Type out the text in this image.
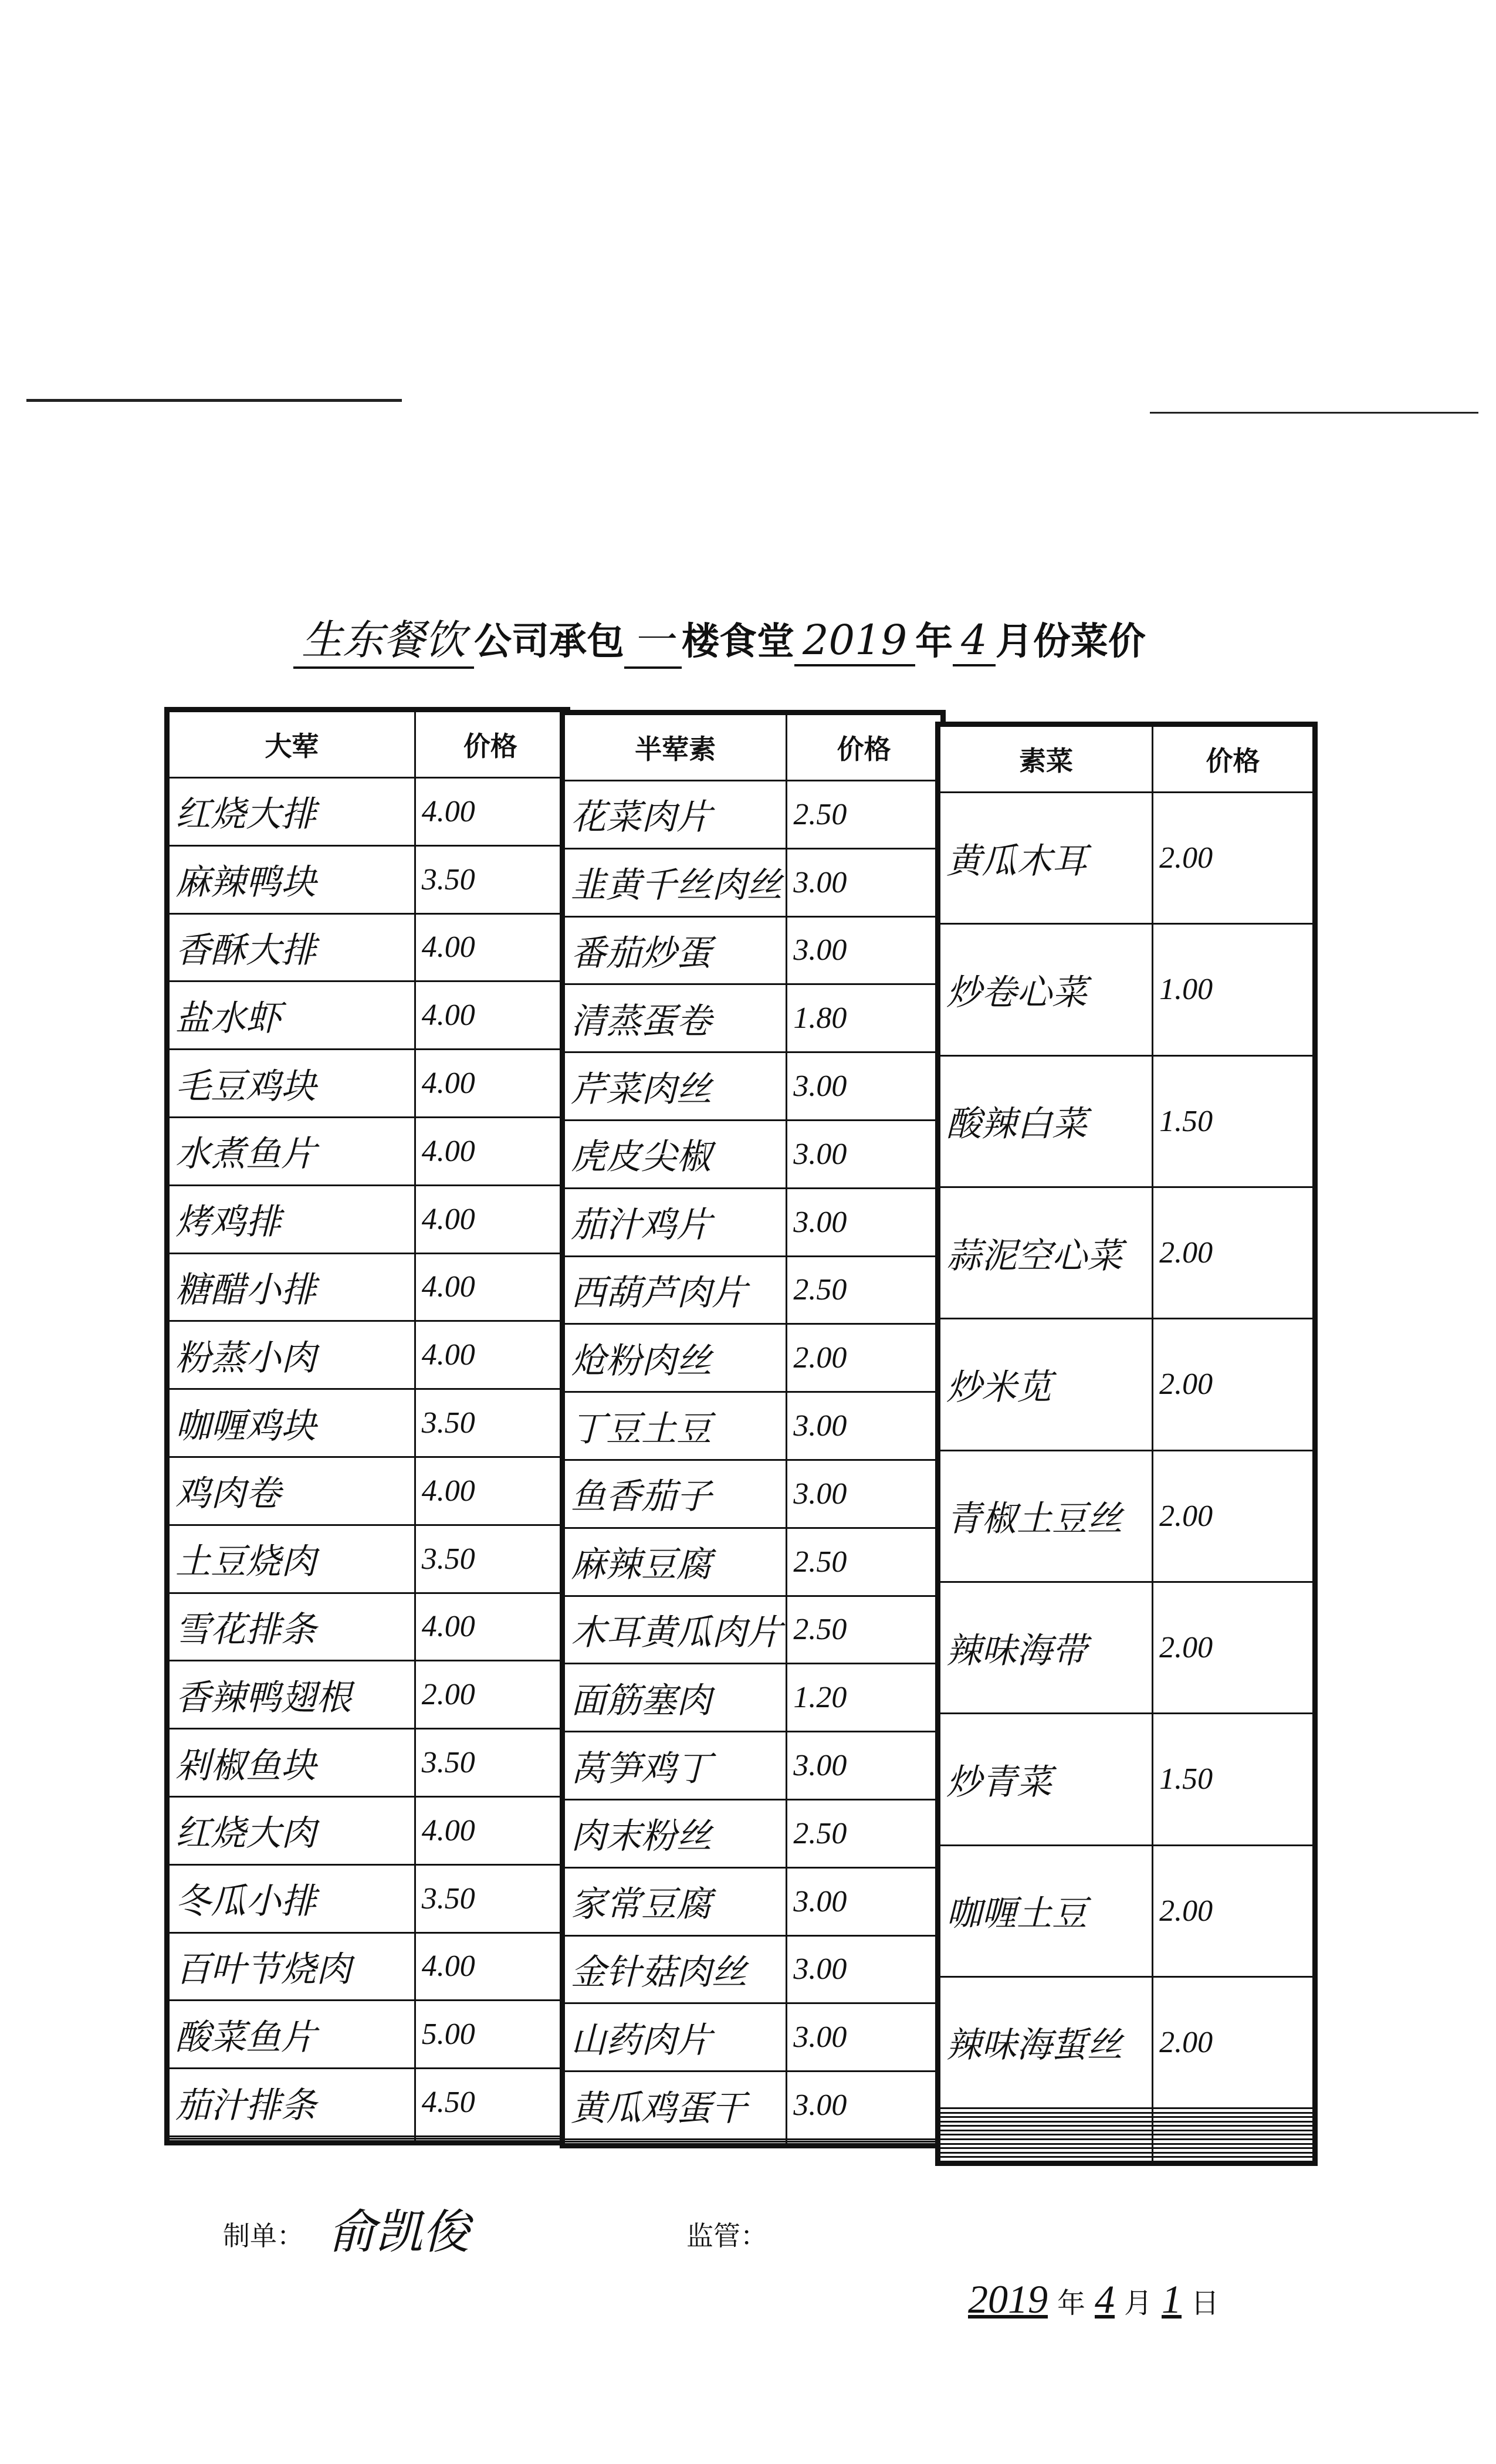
生东餐饮 公司承包 一 楼食堂 2019 年 4 月份菜价
大荤	价格
红烧大排	4.00
麻辣鸭块	3.50
香酥大排	4.00
盐水虾	4.00
毛豆鸡块	4.00
水煮鱼片	4.00
烤鸡排	4.00
糖醋小排	4.00
粉蒸小肉	4.00
咖喱鸡块	3.50
鸡肉卷	4.00
土豆烧肉	3.50
雪花排条	4.00
香辣鸭翅根	2.00
剁椒鱼块	3.50
红烧大肉	4.00
冬瓜小排	3.50
百叶节烧肉	4.00
酸菜鱼片	5.00
茄汁排条	4.50

半荤素	价格
花菜肉片	2.50
韭黄千丝肉丝	3.00
番茄炒蛋	3.00
清蒸蛋卷	1.80
芹菜肉丝	3.00
虎皮尖椒	3.00
茄汁鸡片	3.00
西葫芦肉片	2.50
炝粉肉丝	2.00
丁豆土豆	3.00
鱼香茄子	3.00
麻辣豆腐	2.50
木耳黄瓜肉片	2.50
面筋塞肉	1.20
莴笋鸡丁	3.00
肉末粉丝	2.50
家常豆腐	3.00
金针菇肉丝	3.00
山药肉片	3.00
黄瓜鸡蛋干	3.00

素菜	价格
黄瓜木耳	2.00
炒卷心菜	1.00
酸辣白菜	1.50
蒜泥空心菜	2.00
炒米苋	2.00
青椒土豆丝	2.00
辣味海带	2.00
炒青菜	1.50
咖喱土豆	2.00
辣味海蜇丝	2.00

制单： 俞凯俊	监管：
2019 年 4 月 1 日
